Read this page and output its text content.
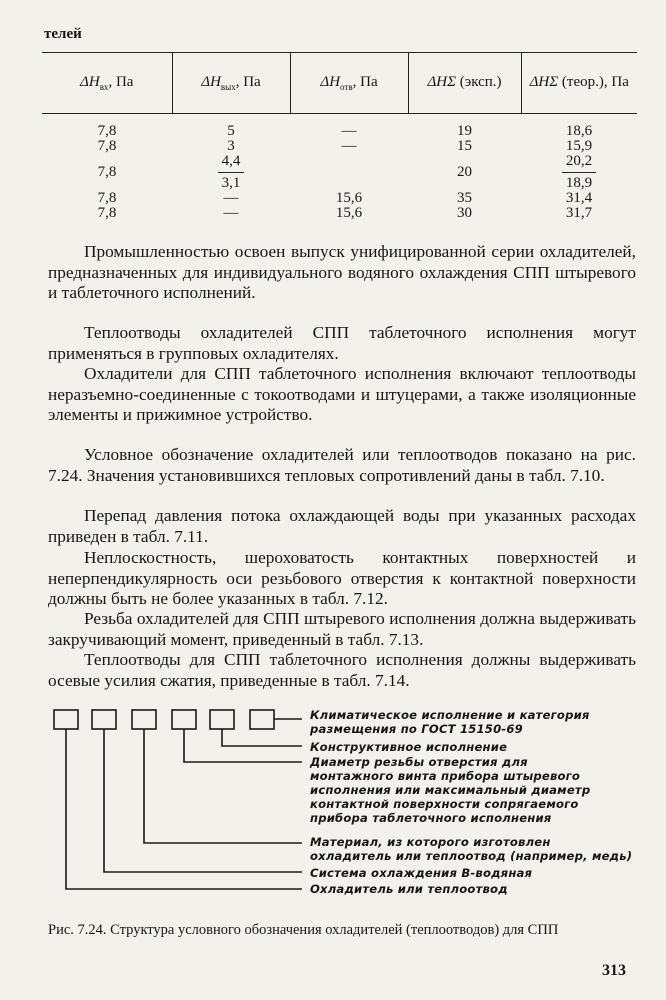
телей
$\Delta H_{вх}$, Па	$\Delta H_{вых}$, Па	$\Delta H_{отв}$, Па	ΔHΣ (эксп.)	ΔHΣ (теор.), Па
7,8	5	—	19	18,6
7,8	3	—	15	15,9
7,8	$\frac{4,4}{3,1}$		20	$\frac{20,2}{18,9}$

7,8	—	15,6	35	31,4
7,8	—	15,6	30	31,7

Промышленностью освоен выпуск унифицированной серии охладителей, предназначенных для индивидуального водяного охлаждения СПП штыревого и таблеточного исполнений.

Теплоотводы охладителей СПП таблеточного исполнения могут применяться в групповых охладителях.

Охладители для СПП таблеточного исполнения включают теплоотводы неразъемно-соединенные с токоотводами и штуцерами, а также изоляционные элементы и прижимное устройство.

Условное обозначение охладителей или теплоотводов показано на рис. 7.24. Значения установившихся тепловых сопротивлений даны в табл. 7.10.

Перепад давления потока охлаждающей воды при указанных расходах приведен в табл. 7.11.

Неплоскостность, шероховатость контактных поверхностей и неперпендикулярность оси резьбового отверстия к контактной поверхности должны быть не более указанных в табл. 7.12.

Резьба охладителей для СПП штыревого исполнения должна выдерживать закручивающий момент, приведенный в табл. 7.13.

Теплоотводы для СПП таблеточного исполнения должны выдерживать осевые усилия сжатия, приведенные в табл. 7.14.

Климатическое исполнение и категория размещения по ГОСТ 15150-69
Конструктивное исполнение
Диаметр резьбы отверстия для монтажного винта прибора штыревого исполнения или максимальный диаметр контактной поверхности сопрягаемого прибора таблеточного исполнения
Материал, из которого изготовлен охладитель или теплоотвод (например, медь)
Система охлаждения В-водяная
Охладитель или теплоотвод
Рис. 7.24. Структура условного обозначения охладителей (теплоотводов) для СПП
313
